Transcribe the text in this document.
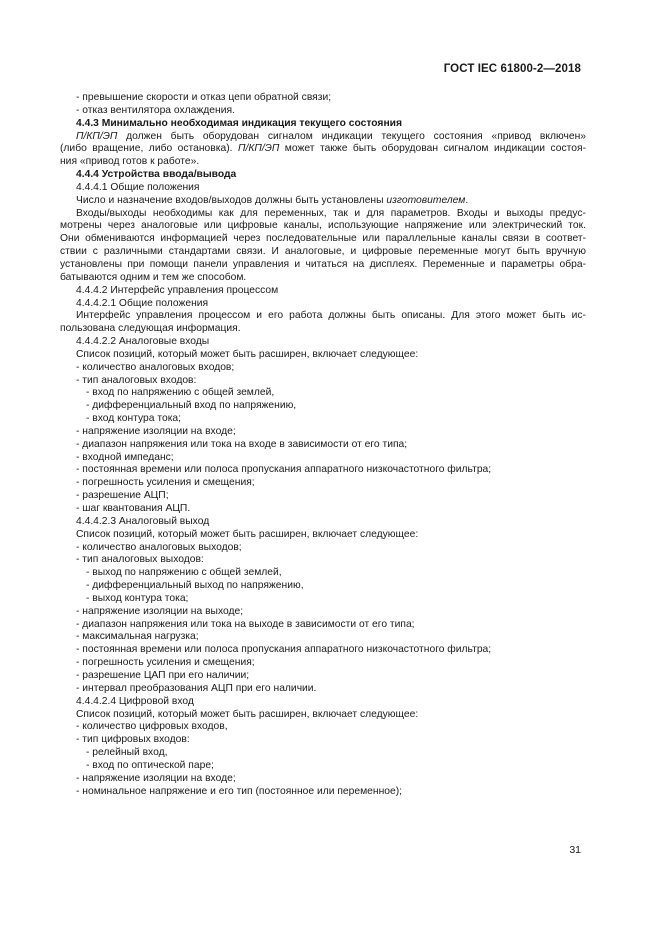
ГОСТ IEC 61800-2—2018
- превышение скорости и отказ цепи обратной связи;
- отказ вентилятора охлаждения.
4.4.3 Минимально необходимая индикация текущего состояния
П/КП/ЭП должен быть оборудован сигналом индикации текущего состояния «привод включен»
(либо вращение, либо остановка). П/КП/ЭП может также быть оборудован сигналом индикации состоя-
ния «привод готов к работе».
4.4.4 Устройства ввода/вывода
4.4.4.1 Общие положения
Число и назначение входов/выходов должны быть установлены изготовителем.
Входы/выходы необходимы как для переменных, так и для параметров. Входы и выходы предус-
мотрены через аналоговые или цифровые каналы, использующие напряжение или электрический ток.
Они обмениваются информацией через последовательные или параллельные каналы связи в соответ-
ствии с различными стандартами связи. И аналоговые, и цифровые переменные могут быть вручную
установлены при помощи панели управления и читаться на дисплеях. Переменные и параметры обра-
батываются одним и тем же способом.
4.4.4.2 Интерфейс управления процессом
4.4.4.2.1 Общие положения
Интерфейс управления процессом и его работа должны быть описаны. Для этого может быть ис-
пользована следующая информация.
4.4.4.2.2 Аналоговые входы
Список позиций, который может быть расширен, включает следующее:
- количество аналоговых входов;
- тип аналоговых входов:
- вход по напряжению с общей землей,
- дифференциальный вход по напряжению,
- вход контура тока;
- напряжение изоляции на входе;
- диапазон напряжения или тока на входе в зависимости от его типа;
- входной импеданс;
- постоянная времени или полоса пропускания аппаратного низкочастотного фильтра;
- погрешность усиления и смещения;
- разрешение АЦП;
- шаг квантования АЦП.
4.4.4.2.3 Аналоговый выход
Список позиций, который может быть расширен, включает следующее:
- количество аналоговых выходов;
- тип аналоговых выходов:
- выход по напряжению с общей землей,
- дифференциальный выход по напряжению,
- выход контура тока;
- напряжение изоляции на выходе;
- диапазон напряжения или тока на выходе в зависимости от его типа;
- максимальная нагрузка;
- постоянная времени или полоса пропускания аппаратного низкочастотного фильтра;
- погрешность усиления и смещения;
- разрешение ЦАП при его наличии;
- интервал преобразования АЦП при его наличии.
4.4.4.2.4 Цифровой вход
Список позиций, который может быть расширен, включает следующее:
- количество цифровых входов,
- тип цифровых входов:
- релейный вход,
- вход по оптической паре;
- напряжение изоляции на входе;
- номинальное напряжение и его тип (постоянное или переменное);
31
